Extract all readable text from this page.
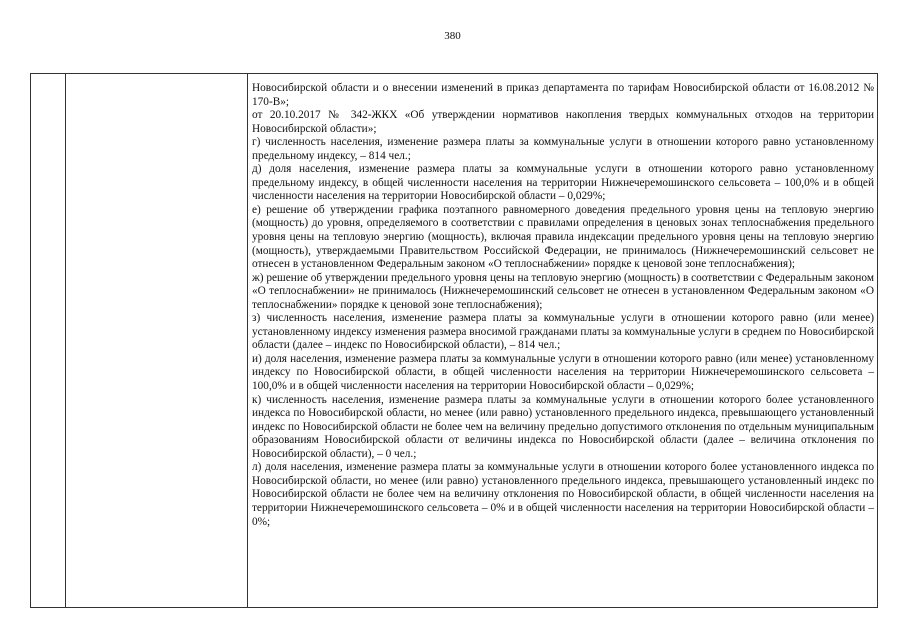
380

Новосибирской области и о внесении изменений в приказ департамента по тарифам Новосибирской области от 16.08.2012 № 170-В»;

от 20.10.2017 № 342-ЖКХ «Об утверждении нормативов накопления твердых коммунальных отходов на территории Новосибирской области»;

г) численность населения, изменение размера платы за коммунальные услуги в отношении которого равно установленному предельному индексу, – 814 чел.;

д) доля населения, изменение размера платы за коммунальные услуги в отношении которого равно установленному предельному индексу, в общей численности населения на территории Нижнечеремошинского сельсовета – 100,0% и в общей численности населения на территории Новосибирской области – 0,029%;

е) решение об утверждении графика поэтапного равномерного доведения предельного уровня цены на тепловую энергию (мощность) до уровня, определяемого в соответствии с правилами определения в ценовых зонах теплоснабжения предельного уровня цены на тепловую энергию (мощность), включая правила индексации предельного уровня цены на тепловую энергию (мощность), утверждаемыми Правительством Российской Федерации, не принималось (Нижнечеремошинский сельсовет не отнесен в установленном Федеральным законом «О теплоснабжении» порядке к ценовой зоне теплоснабжения);

ж) решение об утверждении предельного уровня цены на тепловую энергию (мощность) в соответствии с Федеральным законом «О теплоснабжении» не принималось (Нижнечеремошинский сельсовет не отнесен в установленном Федеральным законом «О теплоснабжении» порядке к ценовой зоне теплоснабжения);

з) численность населения, изменение размера платы за коммунальные услуги в отношении которого равно (или менее) установленному индексу изменения размера вносимой гражданами платы за коммунальные услуги в среднем по Новосибирской области (далее – индекс по Новосибирской области), – 814 чел.;

и) доля населения, изменение размера платы за коммунальные услуги в отношении которого равно (или менее) установленному индексу по Новосибирской области, в общей численности населения на территории Нижнечеремошинского сельсовета – 100,0% и в общей численности населения на территории Новосибирской области – 0,029%;

к) численность населения, изменение размера платы за коммунальные услуги в отношении которого более установленного индекса по Новосибирской области, но менее (или равно) установленного предельного индекса, превышающего установленный индекс по Новосибирской области не более чем на величину предельно допустимого отклонения по отдельным муниципальным образованиям Новосибирской области от величины индекса по Новосибирской области (далее – величина отклонения по Новосибирской области), – 0 чел.;

л) доля населения, изменение размера платы за коммунальные услуги в отношении которого более установленного индекса по Новосибирской области, но менее (или равно) установленного предельного индекса, превышающего установленный индекс по Новосибирской области не более чем на величину отклонения по Новосибирской области, в общей численности населения на территории Нижнечеремошинского сельсовета – 0% и в общей численности населения на территории Новосибирской области – 0%;
